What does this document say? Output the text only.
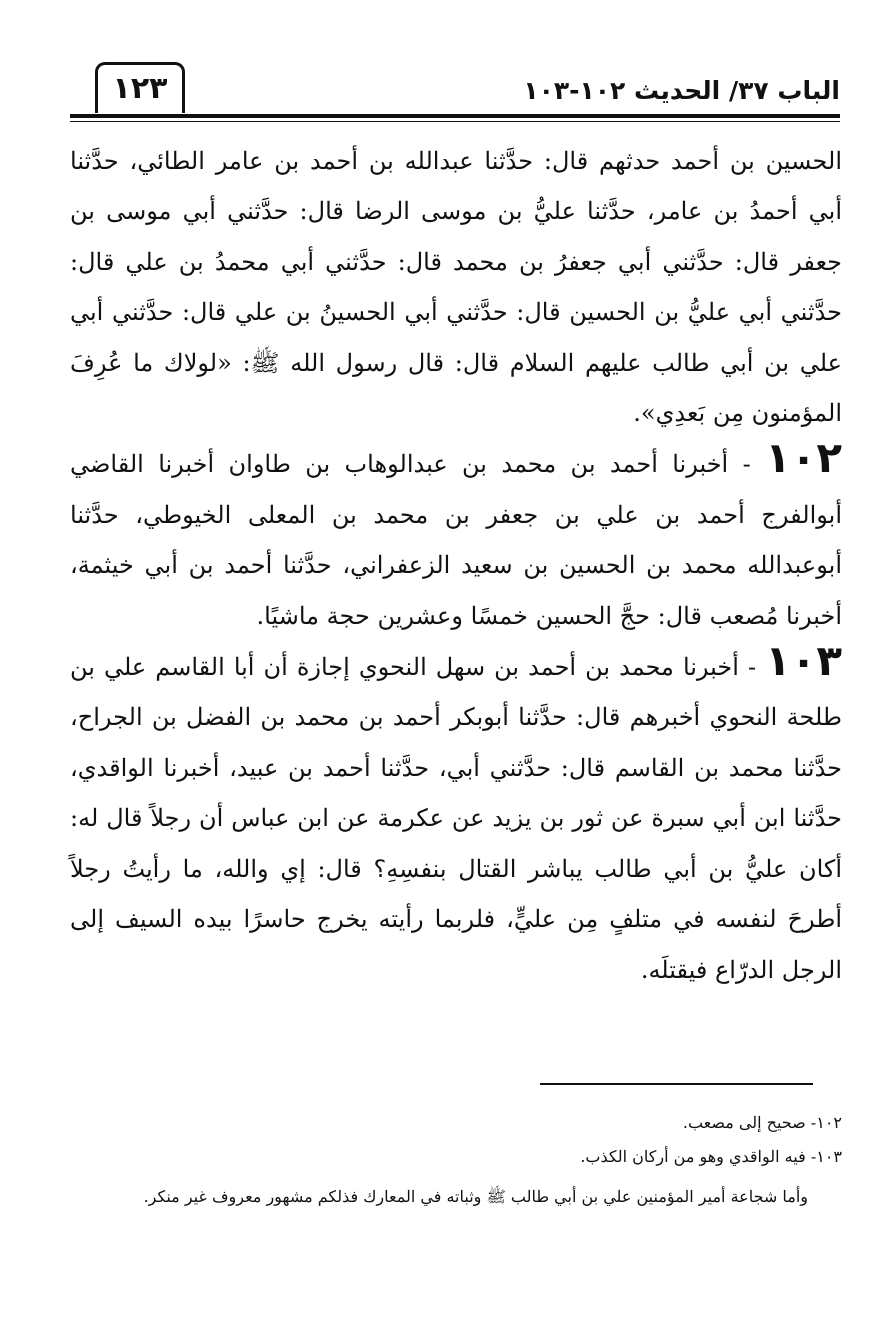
الباب ٣٧/ الحديث ١٠٢-١٠٣
١٢٣

الحسين بن أحمد حدثهم قال: حدَّثنا عبدالله بن أحمد بن عامر الطائي، حدَّثنا أبي أحمدُ بن عامر، حدَّثنا عليُّ بن موسى الرضا قال: حدَّثني أبي موسى بن جعفر قال: حدَّثني أبي جعفرُ بن محمد قال: حدَّثني أبي محمدُ بن علي قال: حدَّثني أبي عليُّ بن الحسين قال: حدَّثني أبي الحسينُ بن علي قال: حدَّثني أبي علي بن أبي طالب عليهم السلام قال: قال رسول الله ﷺ: «لولاك ما عُرِفَ المؤمنون مِن بَعدِي».

١٠٢ - أخبرنا أحمد بن محمد بن عبدالوهاب بن طاوان أخبرنا القاضي أبوالفرج أحمد بن علي بن جعفر بن محمد بن المعلى الخيوطي، حدَّثنا أبوعبدالله محمد بن الحسين بن سعيد الزعفراني، حدَّثنا أحمد بن أبي خيثمة، أخبرنا مُصعب قال: حجَّ الحسين خمسًا وعشرين حجة ماشيًا.

١٠٣ - أخبرنا محمد بن أحمد بن سهل النحوي إجازة أن أبا القاسم علي بن طلحة النحوي أخبرهم قال: حدَّثنا أبوبكر أحمد بن محمد بن الفضل بن الجراح، حدَّثنا محمد بن القاسم قال: حدَّثني أبي، حدَّثنا أحمد بن عبيد، أخبرنا الواقدي، حدَّثنا ابن أبي سبرة عن ثور بن يزيد عن عكرمة عن ابن عباس أن رجلاً قال له: أكان عليُّ بن أبي طالب يباشر القتال بنفسِهِ؟ قال: إي والله، ما رأيتُ رجلاً أطرحَ لنفسه في متلفٍ مِن عليٍّ، فلربما رأيته يخرج حاسرًا بيده السيف إلى الرجل الدرّاع فيقتلَه.

١٠٢- صحيح إلى مصعب.

١٠٣- فيه الواقدي وهو من أركان الكذب.

وأما شجاعة أمير المؤمنين علي بن أبي طالب ﷺ وثباته في المعارك فذلكم مشهور معروف غير منكر.
